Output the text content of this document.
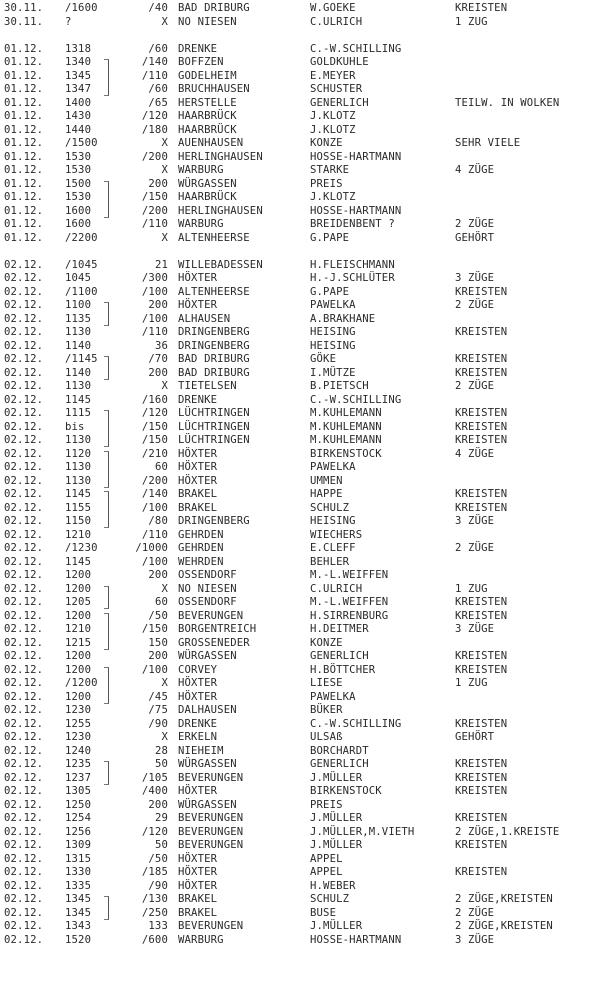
30.11. /1600	/40 BAD DRIBURG	W.GOEKE	KREISTEN
30.11. ?	X NO NIESEN	C.ULRICH	1 ZUG
01.12. 1318	/60 DRENKE	C.-W.SCHILLING
01.12. 1340	/140 BOFFZEN	GOLDKUHLE
01.12. 1345	/110 GODELHEIM	E.MEYER
01.12. 1347	/60 BRUCHHAUSEN	SCHUSTER
01.12. 1400	/65 HERSTELLE	GENERLICH	TEILW. IN WOLKEN
01.12. 1430	/120 HAARBRÜCK	J.KLOTZ
01.12. 1440	/180 HAARBRÜCK	J.KLOTZ
01.12. /1500	X AUENHAUSEN	KONZE	SEHR VIELE
01.12. 1530	/200 HERLINGHAUSEN	HOSSE-HARTMANN
01.12. 1530	X WARBURG	STARKE	4 ZÜGE
01.12. 1500	200 WÜRGASSEN	PREIS
01.12. 1530	/150 HAARBRÜCK	J.KLOTZ
01.12. 1600	/200 HERLINGHAUSEN	HOSSE-HARTMANN
01.12. 1600	/110 WARBURG	BREIDENBENT ?	2 ZÜGE
01.12. /2200	X ALTENHEERSE	G.PAPE	GEHÖRT
02.12. /1045	21 WILLEBADESSEN	H.FLEISCHMANN
02.12. 1045	/300 HÖXTER	H.-J.SCHLÜTER	3 ZÜGE
02.12. /1100	/100 ALTENHEERSE	G.PAPE	KREISTEN
02.12. 1100	200 HÖXTER	PAWELKA	2 ZÜGE
02.12. 1135	/100 ALHAUSEN	A.BRAKHANE
02.12. 1130	/110 DRINGENBERG	HEISING	KREISTEN
02.12. 1140	36 DRINGENBERG	HEISING
02.12. /1145	/70 BAD DRIBURG	GÖKE	KREISTEN
02.12. 1140	200 BAD DRIBURG	I.MÜTZE	KREISTEN
02.12. 1130	X TIETELSEN	B.PIETSCH	2 ZÜGE
02.12. 1145	/160 DRENKE	C.-W.SCHILLING
02.12. 1115	/120 LÜCHTRINGEN	M.KUHLEMANN	KREISTEN
02.12. bis	/150 LÜCHTRINGEN	M.KUHLEMANN	KREISTEN
02.12. 1130	/150 LÜCHTRINGEN	M.KUHLEMANN	KREISTEN
02.12. 1120	/210 HÖXTER	BIRKENSTOCK	4 ZÜGE
02.12. 1130	60 HÖXTER	PAWELKA
02.12. 1130	/200 HÖXTER	UMMEN
02.12. 1145	/140 BRAKEL	HAPPE	KREISTEN
02.12. 1155	/100 BRAKEL	SCHULZ	KREISTEN
02.12. 1150	/80 DRINGENBERG	HEISING	3 ZÜGE
02.12. 1210	/110 GEHRDEN	WIECHERS
02.12. /1230	/1000 GEHRDEN	E.CLEFF	2 ZÜGE
02.12. 1145	/100 WEHRDEN	BEHLER
02.12. 1200	200 OSSENDORF	M.-L.WEIFFEN
02.12. 1200	X NO NIESEN	C.ULRICH	1 ZUG
02.12. 1205	60 OSSENDORF	M.-L.WEIFFEN	KREISTEN
02.12. 1200	/50 BEVERUNGEN	H.SIRRENBURG	KREISTEN
02.12. 1210	/150 BORGENTREICH	H.DEITMER	3 ZÜGE
02.12. 1215	150 GROSSENEDER	KONZE
02.12. 1200	200 WÜRGASSEN	GENERLICH	KREISTEN
02.12. 1200	/100 CORVEY	H.BÖTTCHER	KREISTEN
02.12. /1200	X HÖXTER	LIESE	1 ZUG
02.12. 1200	/45 HÖXTER	PAWELKA
02.12. 1230	/75 DALHAUSEN	BÜKER
02.12. 1255	/90 DRENKE	C.-W.SCHILLING	KREISTEN
02.12. 1230	X ERKELN	ULSAß	GEHÖRT
02.12. 1240	28 NIEHEIM	BORCHARDT
02.12. 1235	50 WÜRGASSEN	GENERLICH	KREISTEN
02.12. 1237	/105 BEVERUNGEN	J.MÜLLER	KREISTEN
02.12. 1305	/400 HÖXTER	BIRKENSTOCK	KREISTEN
02.12. 1250	200 WÜRGASSEN	PREIS
02.12. 1254	29 BEVERUNGEN	J.MÜLLER	KREISTEN
02.12. 1256	/120 BEVERUNGEN	J.MÜLLER,M.VIETH	2 ZÜGE,1.KREISTE
02.12. 1309	50 BEVERUNGEN	J.MÜLLER	KREISTEN
02.12. 1315	/50 HÖXTER	APPEL
02.12. 1330	/185 HÖXTER	APPEL	KREISTEN
02.12. 1335	/90 HÖXTER	H.WEBER
02.12. 1345	/130 BRAKEL	SCHULZ	2 ZÜGE,KREISTEN
02.12. 1345	/250 BRAKEL	BUSE	2 ZÜGE
02.12. 1343	133 BEVERUNGEN	J.MÜLLER	2 ZÜGE,KREISTEN
02.12. 1520	/600 WARBURG	HOSSE-HARTMANN	3 ZÜGE
